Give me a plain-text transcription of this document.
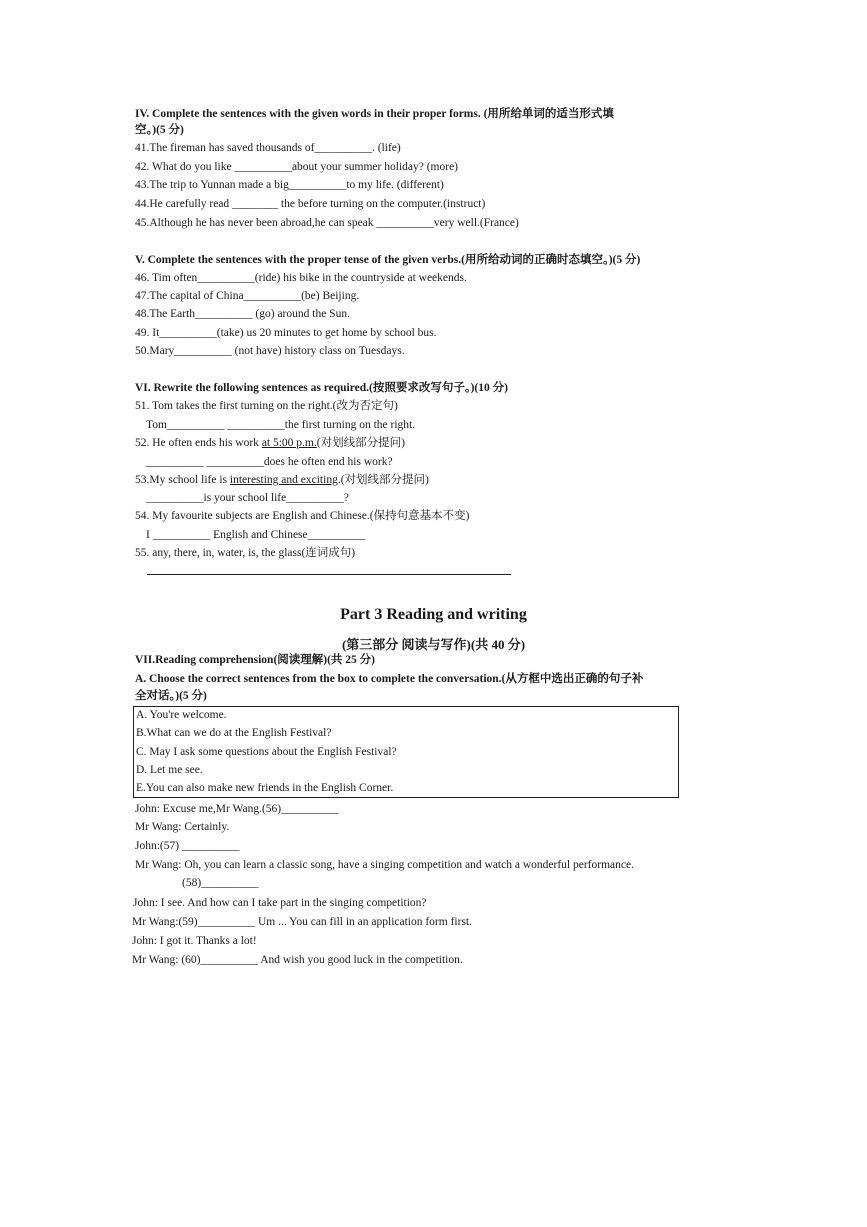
IV. Complete the sentences with the given words in their proper forms. (用所给单词的适当形式填
空。)(5 分)
41.The fireman has saved thousands of__________. (life)
42. What do you like __________about your summer holiday? (more)
43.The trip to Yunnan made a big__________to my life. (different)
44.He carefully read ________ the before turning on the computer.(instruct)
45.Although he has never been abroad,he can speak __________very well.(France)
V. Complete the sentences with the proper tense of the given verbs.(用所给动词的正确时态填空。)(5 分)
46. Tim often__________(ride) his bike in the countryside at weekends.
47.The capital of China__________(be) Beijing.
48.The Earth__________ (go) around the Sun.
49. It__________(take) us 20 minutes to get home by school bus.
50.Mary__________ (not have) history class on Tuesdays.
VI. Rewrite the following sentences as required.(按照要求改写句子。)(10 分)
51. Tom takes the first turning on the right.(改为否定句)
Tom__________ __________the first turning on the right.
52. He often ends his work at 5:00 p.m.(对划线部分提问)
__________ __________does he often end his work?
53.My school life is interesting and exciting.(对划线部分提问)
__________is your school life__________?
54. My favourite subjects are English and Chinese.(保持句意基本不变)
I __________ English and Chinese__________
55. any, there, in, water, is, the glass(连词成句)
Part 3 Reading and writing
(第三部分 阅读与写作)(共 40 分)
VII.Reading comprehension(阅读理解)(共 25 分)
A. Choose the correct sentences from the box to complete the conversation.(从方框中选出正确的句子补
全对话。)(5 分)
A. You're welcome.
B.What can we do at the English Festival?
C. May I ask some questions about the English Festival?
D. Let me see.
E.You can also make new friends in the English Corner.
John: Excuse me,Mr Wang.(56)__________
Mr Wang: Certainly.
John:(57) __________
Mr Wang: Oh, you can learn a classic song, have a singing competition and watch a wonderful performance.
(58)__________
John: I see. And how can I take part in the singing competition?
Mr Wang:(59)__________ Um ... You can fill in an application form first.
John: I got it. Thanks a lot!
Mr Wang: (60)__________ And wish you good luck in the competition.
